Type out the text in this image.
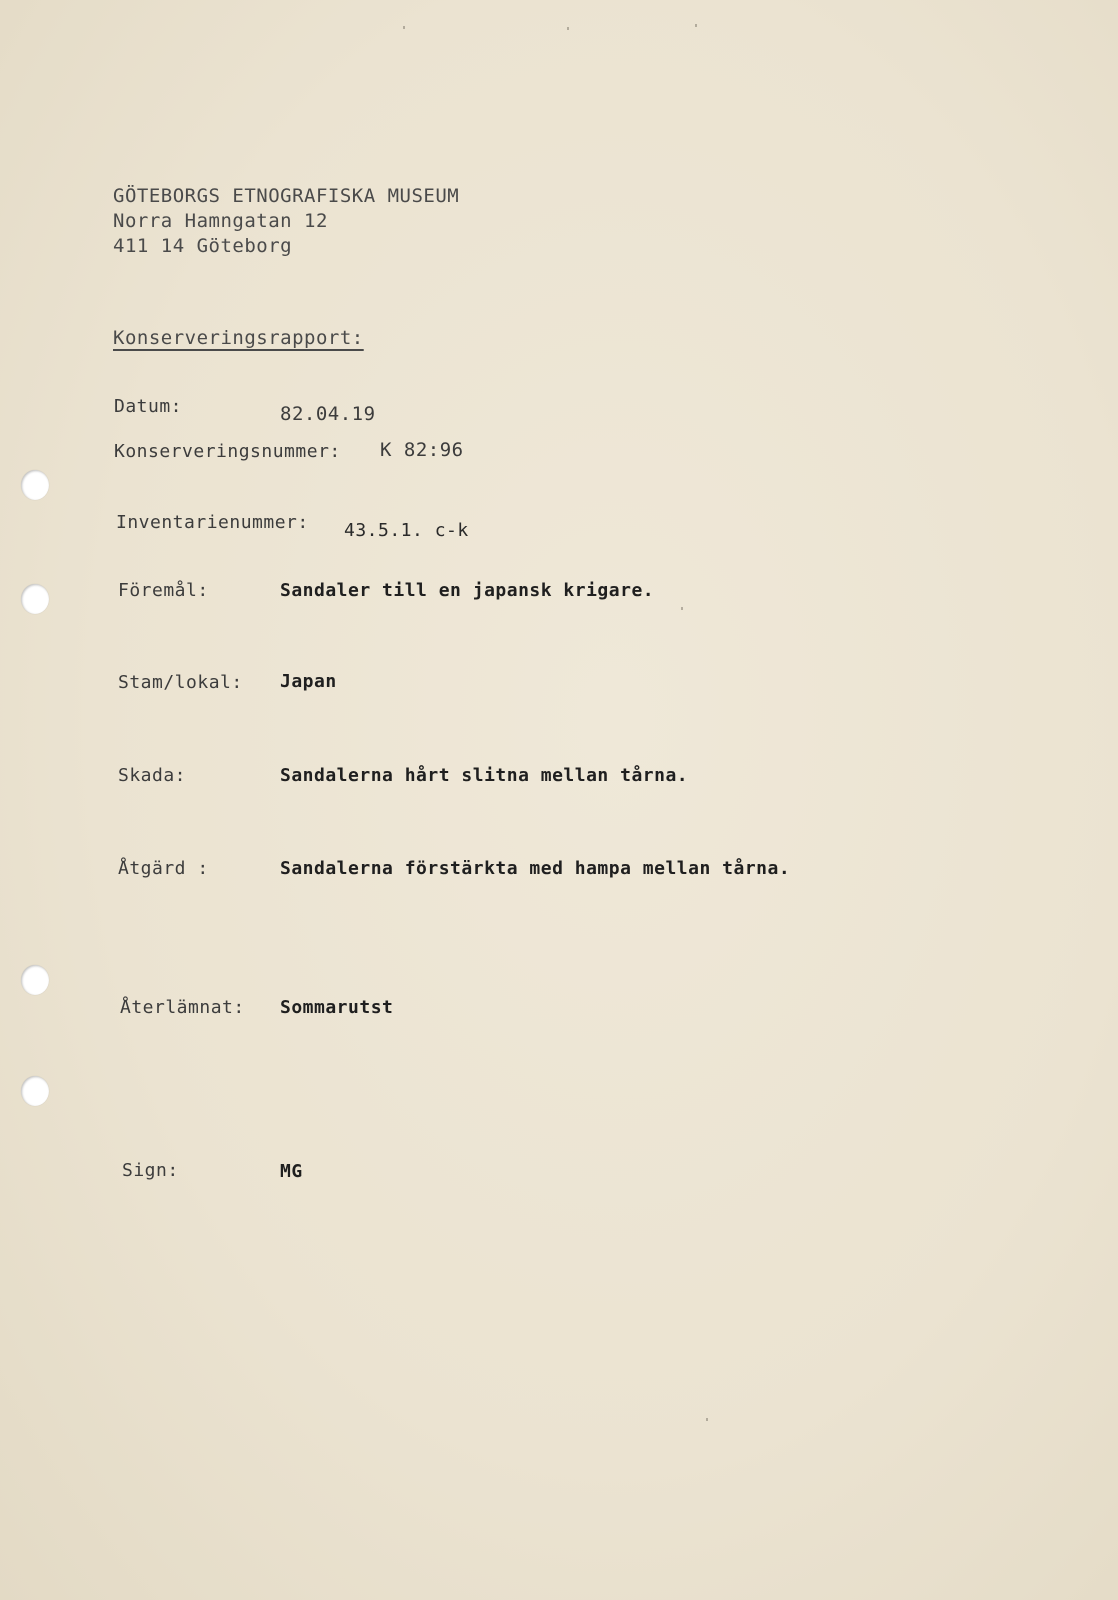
GÖTEBORGS ETNOGRAFISKA MUSEUM
Norra Hamngatan 12
411 14 Göteborg
Konserveringsrapport:
Datum:	82.04.19
Konserveringsnummer: K 82:96
Inventarienummer: 43.5.1. c-k
Föremål:	Sandaler till en japansk krigare.
Stam/lokal: Japan
Skada:	Sandalerna hårt slitna mellan tårna.
Åtgärd :	Sandalerna förstärkta med hampa mellan tårna.
Återlämnat: Sommarutst
Sign:	MG
